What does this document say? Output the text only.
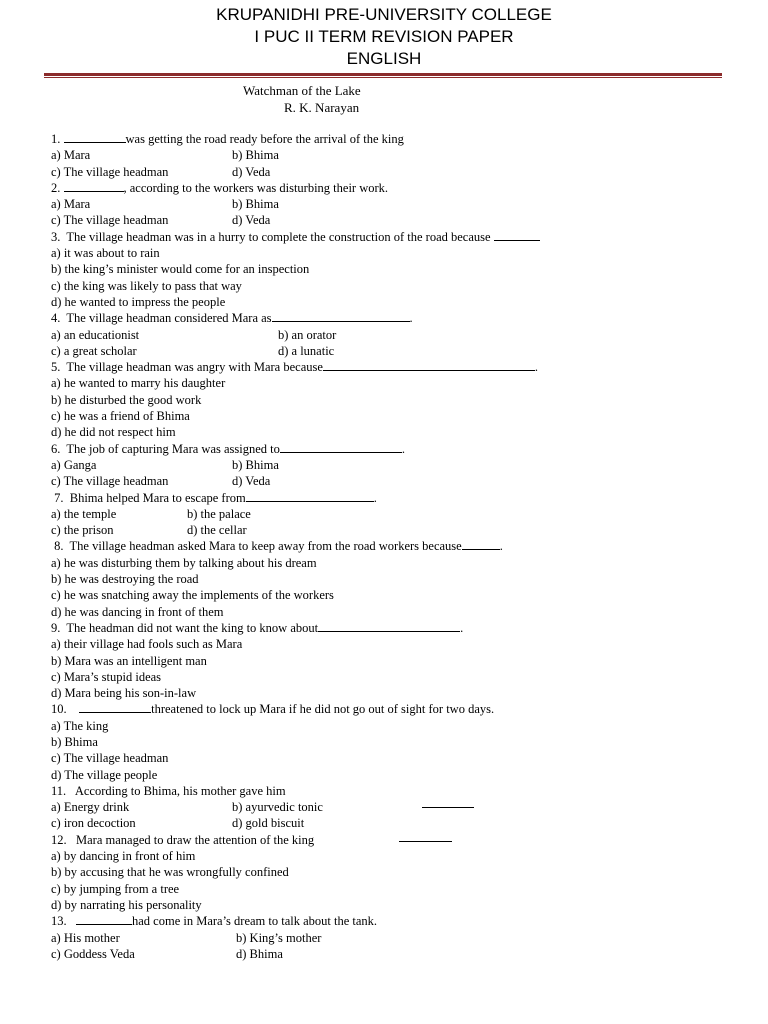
KRUPANIDHI PRE-UNIVERSITY COLLEGE
I PUC II TERM REVISION PAPER
ENGLISH
Watchman of the Lake
R. K. Narayan
1.	was getting the road ready before the arrival of the king
a) Mara	b) Bhima
c) The village headman	d) Veda
2.	, according to the workers was disturbing their work.
a) Mara	b) Bhima
c) The village headman	d) Veda
3. The village headman was in a hurry to complete the construction of the road because
a) it was about to rain
b) the king’s minister would come for an inspection
c) the king was likely to pass that way
d) he wanted to impress the people
4. The village headman considered Mara as	.
a) an educationist	b) an orator
c) a great scholar	d) a lunatic
5. The village headman was angry with Mara because	.
a) he wanted to marry his daughter
b) he disturbed the good work
c) he was a friend of Bhima
d) he did not respect him
6. The job of capturing Mara was assigned to	.
a) Ganga	b) Bhima
c) The village headman	d) Veda
7. Bhima helped Mara to escape from	.
a) the temple	b) the palace
c) the prison	d) the cellar
8. The village headman asked Mara to keep away from the road workers because	.
a) he was disturbing them by talking about his dream
b) he was destroying the road
c) he was snatching away the implements of the workers
d) he was dancing in front of them
9. The headman did not want the king to know about	.
a) their village had fools such as Mara
b) Mara was an intelligent man
c) Mara’s stupid ideas
d) Mara being his son-in-law
10.	threatened to lock up Mara if he did not go out of sight for two days.
a) The king
b) Bhima
c) The village headman
d) The village people
11. According to Bhima, his mother gave him
a) Energy drink	b) ayurvedic tonic
c) iron decoction	d) gold biscuit
12. Mara managed to draw the attention of the king
a) by dancing in front of him
b) by accusing that he was wrongfully confined
c) by jumping from a tree
d) by narrating his personality
13.	had come in Mara’s dream to talk about the tank.
a) His mother	b) King’s mother
c) Goddess Veda	d) Bhima
